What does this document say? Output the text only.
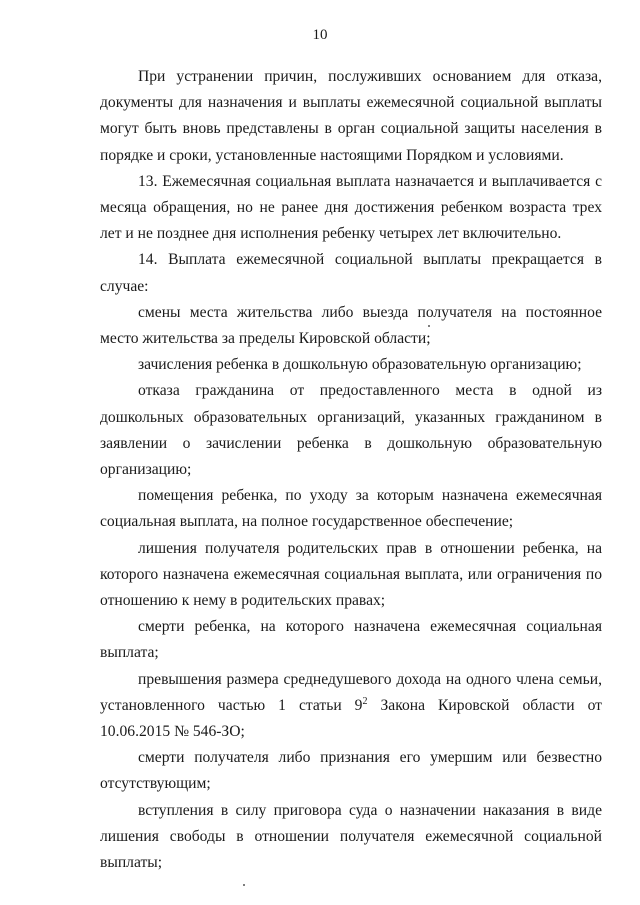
10

При устранении причин, послуживших основанием для отказа, документы для назначения и выплаты ежемесячной социальной выплаты могут быть вновь представлены в орган социальной защиты населения в порядке и сроки, установленные настоящими Порядком и условиями.

13. Ежемесячная социальная выплата назначается и выплачивается с месяца обращения, но не ранее дня достижения ребенком возраста трех лет и не позднее дня исполнения ребенку четырех лет включительно.

14. Выплата ежемесячной социальной выплаты прекращается в случае:

смены места жительства либо выезда получателя на постоянное место жительства за пределы Кировской области;

зачисления ребенка в дошкольную образовательную организацию;

отказа гражданина от предоставленного места в одной из дошкольных образовательных организаций, указанных гражданином в заявлении о зачислении ребенка в дошкольную образовательную организацию;

помещения ребенка, по уходу за которым назначена ежемесячная социальная выплата, на полное государственное обеспечение;

лишения получателя родительских прав в отношении ребенка, на которого назначена ежемесячная социальная выплата, или ограничения по отношению к нему в родительских правах;

смерти ребенка, на которого назначена ежемесячная социальная выплата;

превышения размера среднедушевого дохода на одного члена семьи, установленного частью 1 статьи $9^2$ Закона Кировской области от 10.06.2015 № 546-ЗО;

смерти получателя либо признания его умершим или безвестно отсутствующим;

вступления в силу приговора суда о назначении наказания в виде лишения свободы в отношении получателя ежемесячной социальной выплаты;
